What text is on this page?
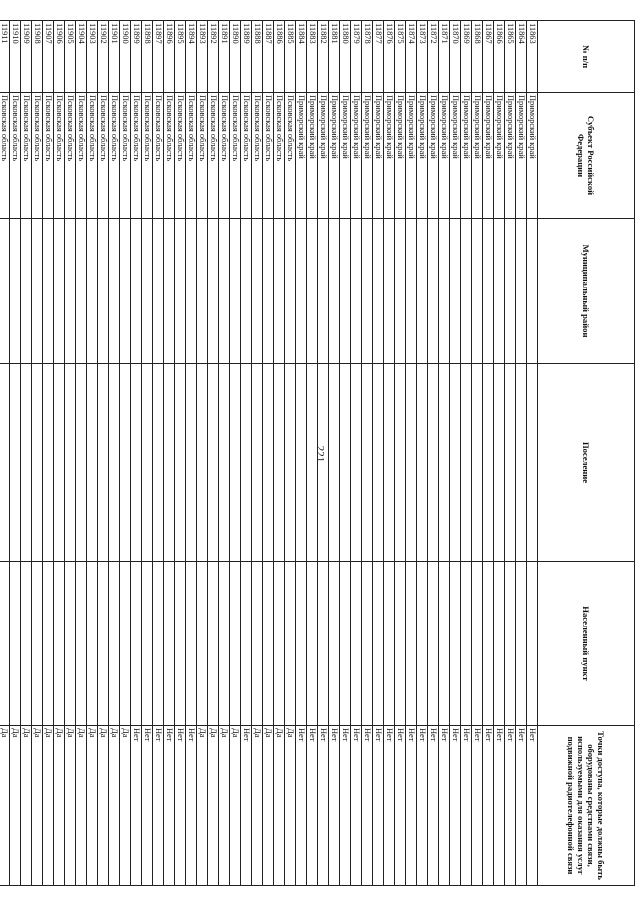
221
№ п/п	Субъект Российской Федерации	Муниципальный район	Поселение	Населенный пункт	Точки доступа, которые должны быть оборудованы средствами связи, используемыми для оказания услуг подвижной радиотелефонной связи
11863	Приморский край				Нет
11864	Приморский край				Нет
11865	Приморский край				Нет
11866	Приморский край				Нет
11867	Приморский край				Нет
11868	Приморский край				Нет
11869	Приморский край				Нет
11870	Приморский край				Нет
11871	Приморский край				Нет
11872	Приморский край				Нет
11873	Приморский край				Нет
11874	Приморский край				Нет
11875	Приморский край				Нет
11876	Приморский край				Нет
11877	Приморский край				Нет
11878	Приморский край				Нет
11879	Приморский край				Нет
11880	Приморский край				Нет
11881	Приморский край				Нет
11882	Приморский край				Нет
11883	Приморский край				Нет
11884	Приморский край				Нет
11885	Псковская область				Да
11886	Псковская область				Да
11887	Псковская область				Да
11888	Псковская область				Да
11889	Псковская область				Нет
11890	Псковская область				Да
11891	Псковская область				Да
11892	Псковская область				Да
11893	Псковская область				Да
11894	Псковская область				Нет
11895	Псковская область				Нет
11896	Псковская область				Нет
11897	Псковская область				Нет
11898	Псковская область				Нет
11899	Псковская область				Нет
11900	Псковская область				Да
11901	Псковская область				Да
11902	Псковская область				Да
11903	Псковская область				Да
11904	Псковская область				Да
11905	Псковская область				Да
11906	Псковская область				Да
11907	Псковская область				Да
11908	Псковская область				Да
11909	Псковская область				Да
11910	Псковская область				Да
11911	Псковская область				Да
